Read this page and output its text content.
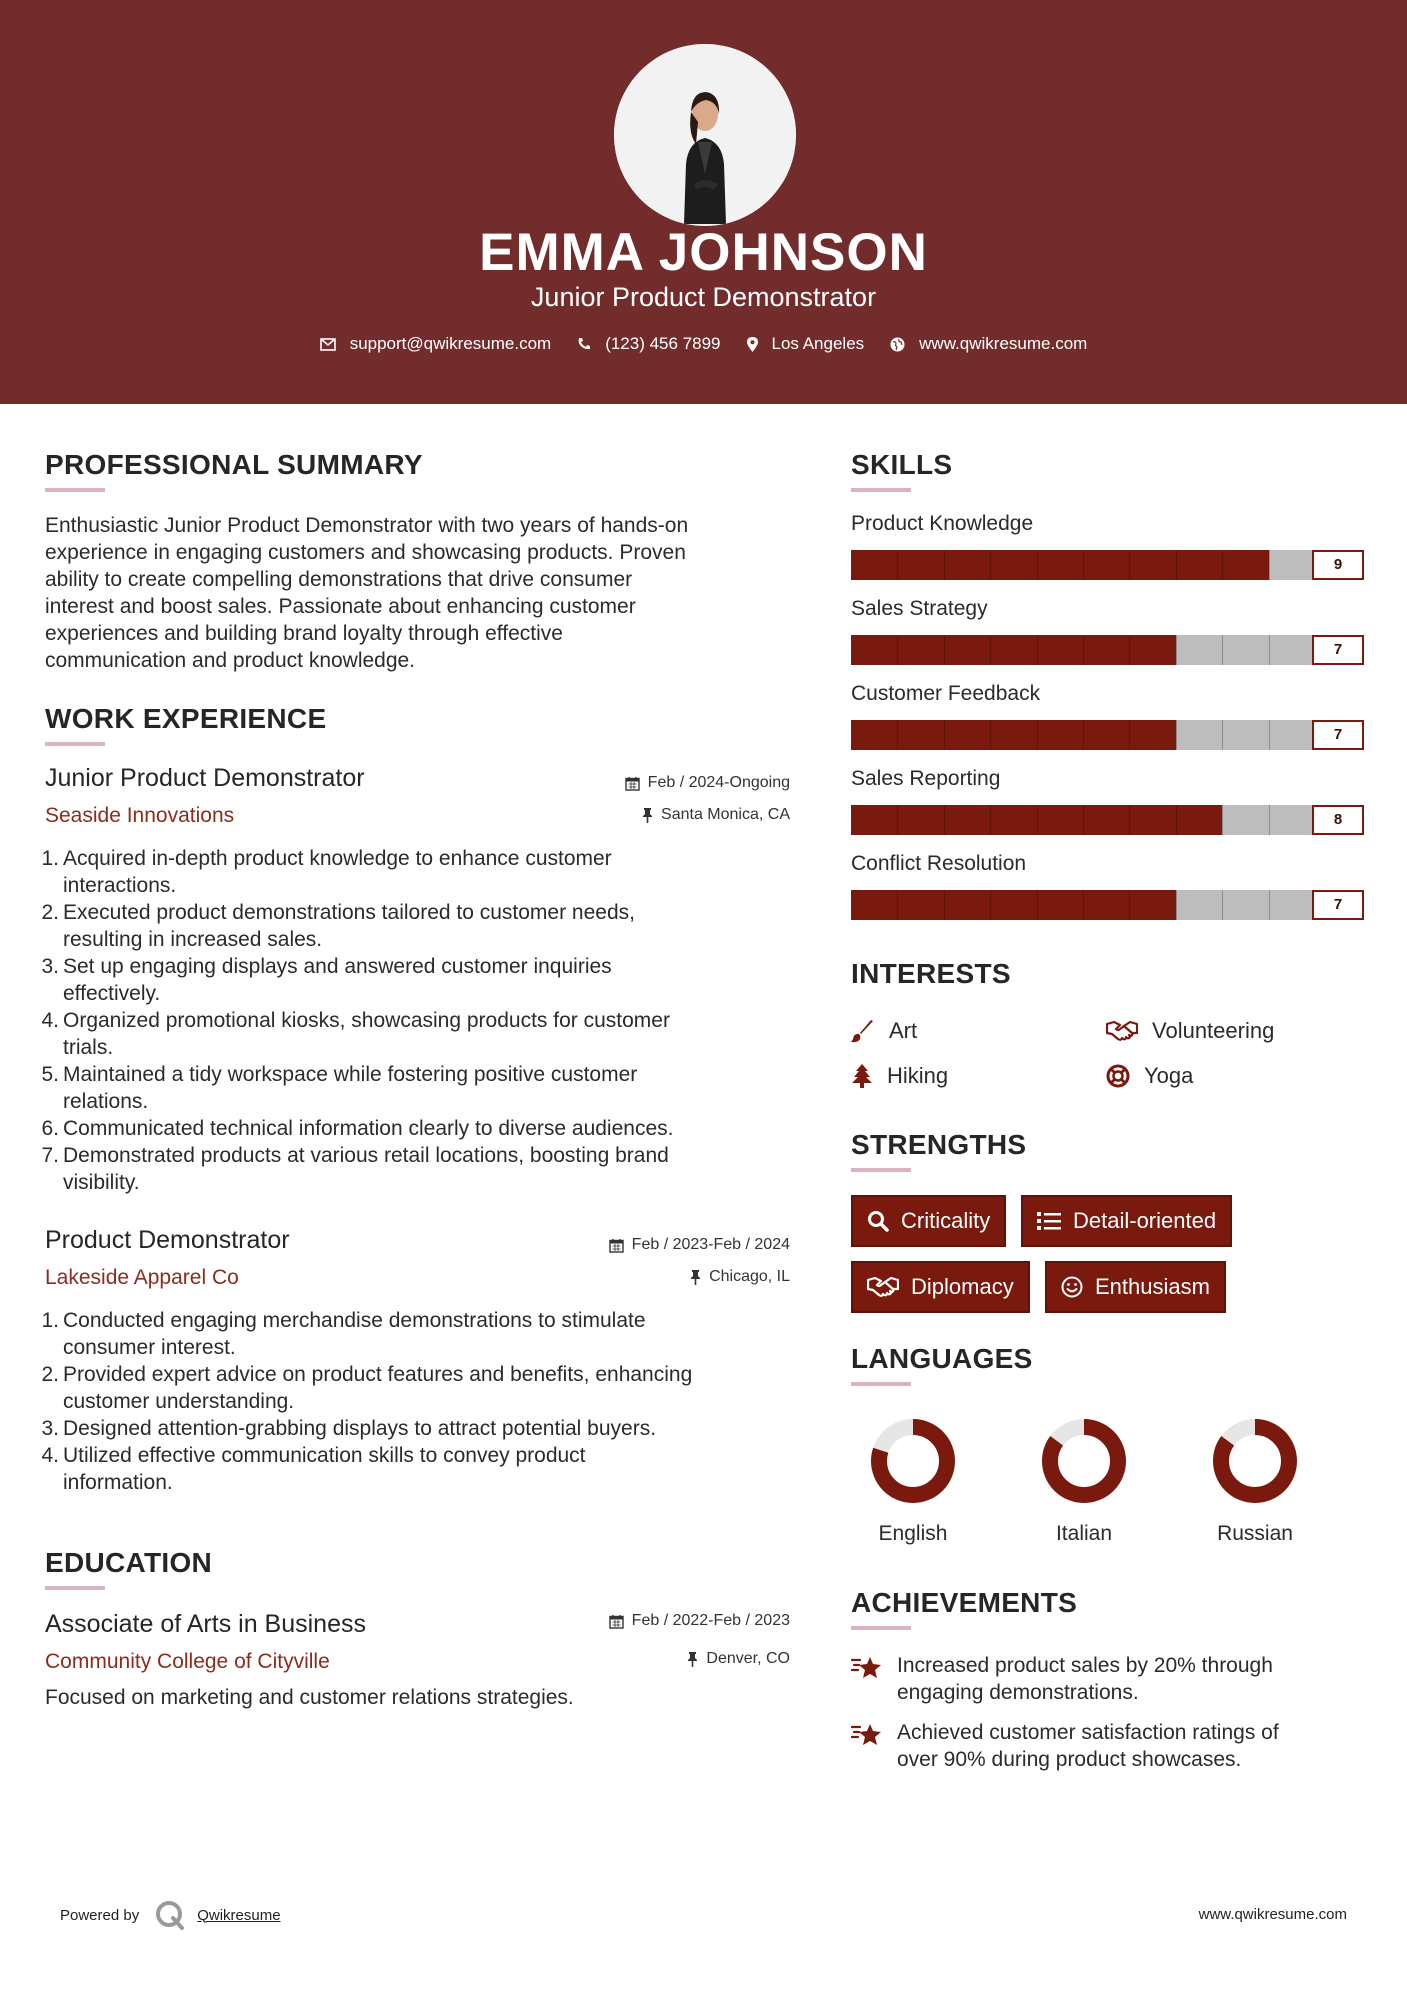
EMMA JOHNSON
Junior Product Demonstrator
support@qwikresume.com	(123) 456 7899	Los Angeles	www.qwikresume.com
PROFESSIONAL SUMMARY
Enthusiastic Junior Product Demonstrator with two years of hands-on
experience in engaging customers and showcasing products. Proven
ability to create compelling demonstrations that drive consumer
interest and boost sales. Passionate about enhancing customer
experiences and building brand loyalty through effective
communication and product knowledge.
WORK EXPERIENCE
Junior Product Demonstrator	Feb / 2024-Ongoing
Seaside Innovations	Santa Monica, CA
1. Acquired in-depth product knowledge to enhance customer
interactions.
2. Executed product demonstrations tailored to customer needs,
resulting in increased sales.
3. Set up engaging displays and answered customer inquiries
effectively.
4. Organized promotional kiosks, showcasing products for customer
trials.
5. Maintained a tidy workspace while fostering positive customer
relations.
6. Communicated technical information clearly to diverse audiences.
7. Demonstrated products at various retail locations, boosting brand
visibility.
Product Demonstrator	Feb / 2023-Feb / 2024
Lakeside Apparel Co	Chicago, IL
1. Conducted engaging merchandise demonstrations to stimulate
consumer interest.
2. Provided expert advice on product features and benefits, enhancing
customer understanding.
3. Designed attention-grabbing displays to attract potential buyers.
4. Utilized effective communication skills to convey product
information.
EDUCATION
Associate of Arts in Business	Feb / 2022-Feb / 2023
Community College of Cityville	Denver, CO
Focused on marketing and customer relations strategies.
SKILLS
Product Knowledge
9
Sales Strategy
7
Customer Feedback
7
Sales Reporting
8
Conflict Resolution
7
INTERESTS
Art	Volunteering
Hiking	Yoga
STRENGTHS
Criticality	Detail-oriented
Diplomacy	Enthusiasm
LANGUAGES
English	Italian	Russian
ACHIEVEMENTS
Increased product sales by 20% through
engaging demonstrations.
Achieved customer satisfaction ratings of
over 90% during product showcases.
Powered by	Qwikresume	www.qwikresume.com
